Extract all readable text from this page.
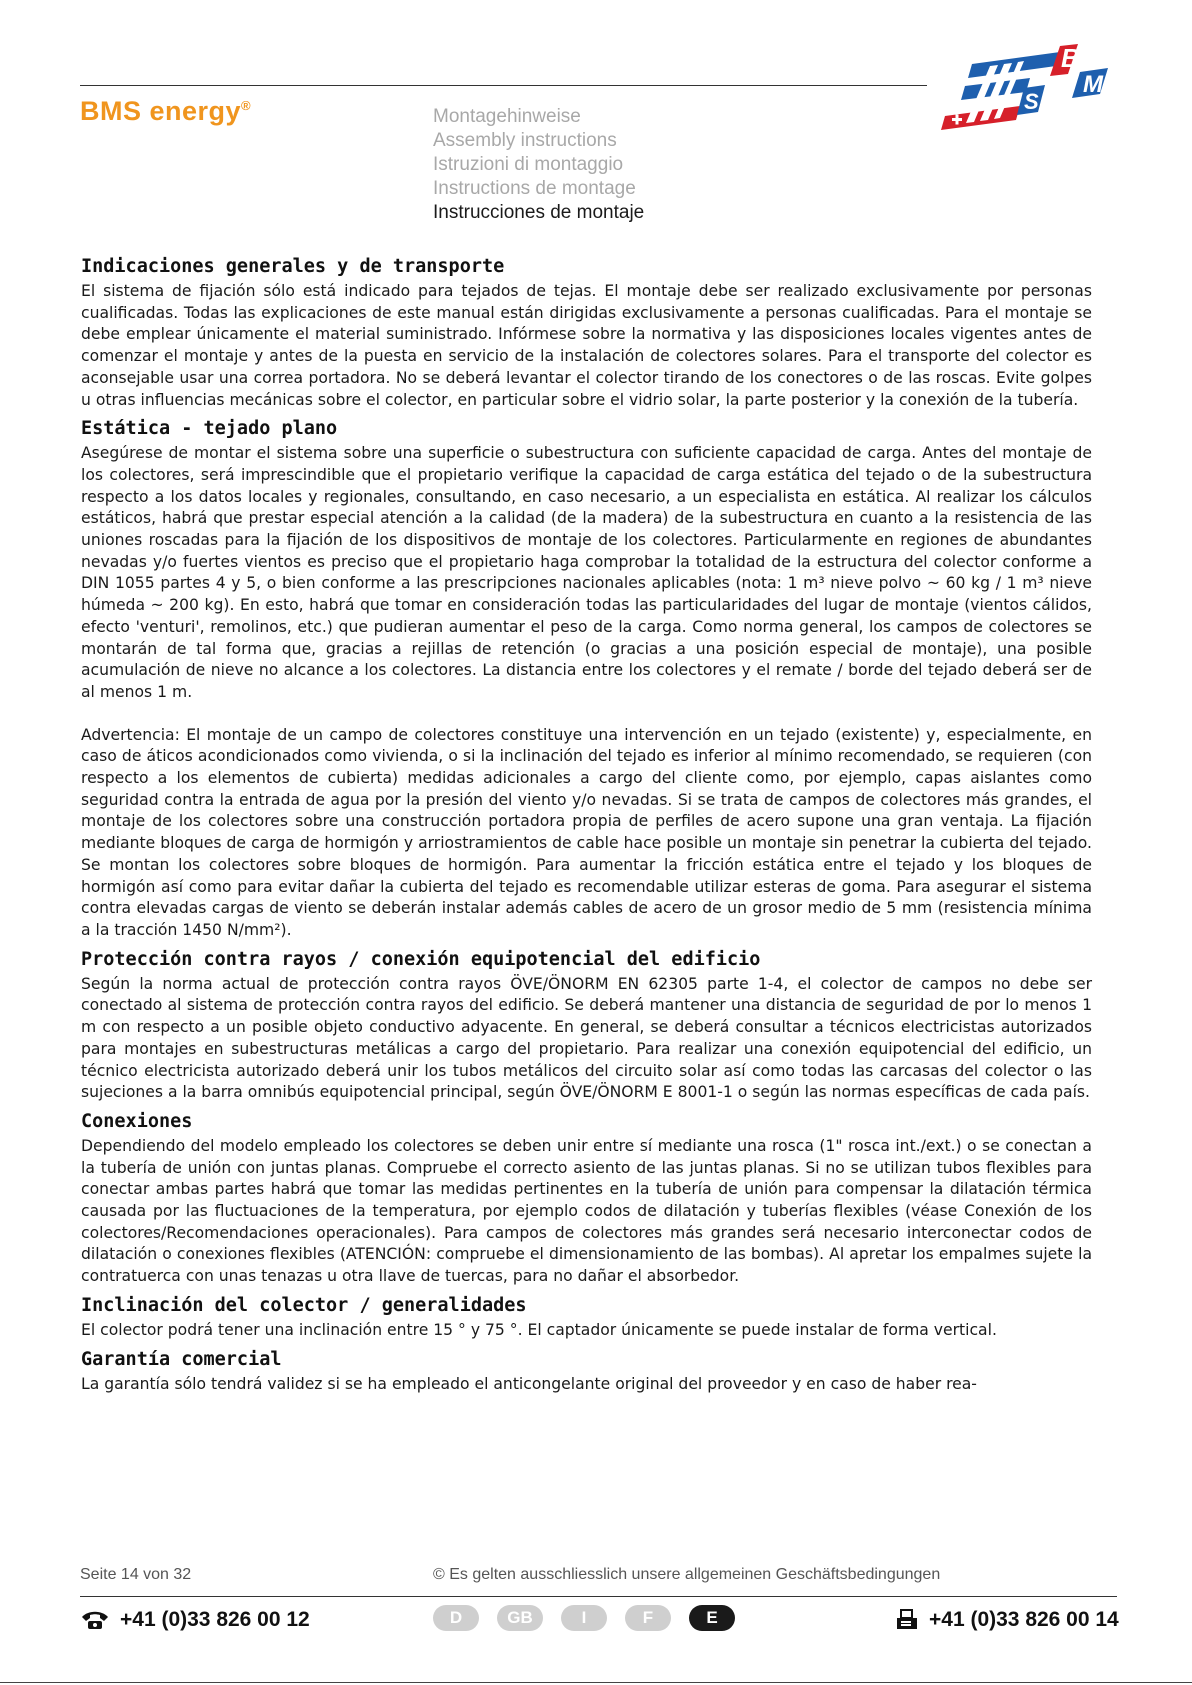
BMS energy®
Montagehinweise
Assembly instructions
Istruzioni di montaggio
Instructions de montage
Instrucciones de montaje
B
M
S
Indicaciones generales y de transporte

El sistema de fijación sólo está indicado para tejados de tejas. El montaje debe ser realizado exclusivamente por personas cualificadas. Todas las explicaciones de este manual están dirigidas exclusivamente a personas cualificadas. Para el montaje se debe emplear únicamente el material suministrado. Infórmese sobre la normativa y las disposiciones locales vigentes antes de comenzar el montaje y antes de la puesta en servicio de la instalación de colectores solares. Para el transporte del colector es aconsejable usar una correa portadora. No se deberá levantar el colector tirando de los conectores o de las roscas. Evite golpes u otras influencias mecánicas sobre el colector, en particular sobre el vidrio solar, la parte posterior y la conexión de la tubería.

Estática - tejado plano

Asegúrese de montar el sistema sobre una superficie o subestructura con suficiente capacidad de carga. Antes del montaje de los colectores, será imprescindible que el propietario verifique la capacidad de carga estática del tejado o de la subestructura respecto a los datos locales y regionales, consultando, en caso necesario, a un especialista en estática. Al realizar los cálculos estáticos, habrá que prestar especial atención a la calidad (de la madera) de la subestructura en cuanto a la resistencia de las uniones roscadas para la fijación de los dispositivos de montaje de los colectores. Particularmente en regiones de abundantes nevadas y/o fuertes vientos es preciso que el propietario haga comprobar la totalidad de la estructura del colector conforme a DIN 1055 partes 4 y 5, o bien conforme a las prescripciones nacionales aplicables (nota: 1 m³ nieve polvo ~ 60 kg / 1 m³ nieve húmeda ~ 200 kg). En esto, habrá que tomar en consideración todas las particularidades del lugar de montaje (vientos cálidos, efecto 'venturi', remolinos, etc.) que pudieran aumentar el peso de la carga. Como norma general, los campos de colectores se montarán de tal forma que, gracias a rejillas de retención (o gracias a una posición especial de montaje), una posible acumulación de nieve no alcance a los colectores. La distancia entre los colectores y el remate / borde del tejado deberá ser de al menos 1 m.

Advertencia: El montaje de un campo de colectores constituye una intervención en un tejado (existente) y, especialmente, en caso de áticos acondicionados como vivienda, o si la inclinación del tejado es inferior al mínimo recomendado, se requieren (con respecto a los elementos de cubierta) medidas adicionales a cargo del cliente como, por ejemplo, capas aislantes como seguridad contra la entrada de agua por la presión del viento y/o nevadas. Si se trata de campos de colectores más grandes, el montaje de los colectores sobre una construcción portadora propia de perfiles de acero supone una gran ventaja. La fijación mediante bloques de carga de hormigón y arriostramientos de cable hace posible un montaje sin penetrar la cubierta del tejado. Se montan los colectores sobre bloques de hormigón. Para aumentar la fricción estática entre el tejado y los bloques de hormigón así como para evitar dañar la cubierta del tejado es recomendable utilizar esteras de goma. Para asegurar el sistema contra elevadas cargas de viento se deberán instalar además cables de acero de un grosor medio de 5 mm (resistencia mínima a la tracción 1450 N/mm²).

Protección contra rayos / conexión equipotencial del edificio

Según la norma actual de protección contra rayos ÖVE/ÖNORM EN 62305 parte 1-4, el colector de campos no debe ser conectado al sistema de protección contra rayos del edificio. Se deberá mantener una distancia de seguridad de por lo menos 1 m con respecto a un posible objeto conductivo adyacente. En general, se deberá consultar a técnicos electricistas autorizados para montajes en subestructuras metálicas a cargo del propietario. Para realizar una conexión equipotencial del edificio, un técnico electricista autorizado deberá unir los tubos metálicos del circuito solar así como todas las carcasas del colector o las sujeciones a la barra omnibús equipotencial principal, según ÖVE/ÖNORM E 8001-1 o según las normas específicas de cada país.

Conexiones

Dependiendo del modelo empleado los colectores se deben unir entre sí mediante una rosca (1" rosca int./ext.) o se conectan a la tubería de unión con juntas planas. Compruebe el correcto asiento de las juntas planas. Si no se utilizan tubos flexibles para conectar ambas partes habrá que tomar las medidas pertinentes en la tubería de unión para compensar la dilatación térmica causada por las fluctuaciones de la temperatura, por ejemplo codos de dilatación y tuberías flexibles (véase Conexión de los colectores/Recomendaciones operacionales). Para campos de colectores más grandes será necesario interconectar codos de dilatación o conexiones flexibles (ATENCIÓN: compruebe el dimensionamiento de las bombas). Al apretar los empalmes sujete la contratuerca con unas tenazas u otra llave de tuercas, para no dañar el absorbedor.

Inclinación del colector / generalidades

El colector podrá tener una inclinación entre 15 ° y 75 °. El captador únicamente se puede instalar de forma vertical.

Garantía comercial

La garantía sólo tendrá validez si se ha empleado el anticongelante original del proveedor y en caso de haber rea-

Seite 14 von 32	© Es gelten ausschliesslich unsere allgemeinen Geschäftsbedingungen
+41 (0)33 826 00 12	D	GB	I	F	E	+41 (0)33 826 00 14
